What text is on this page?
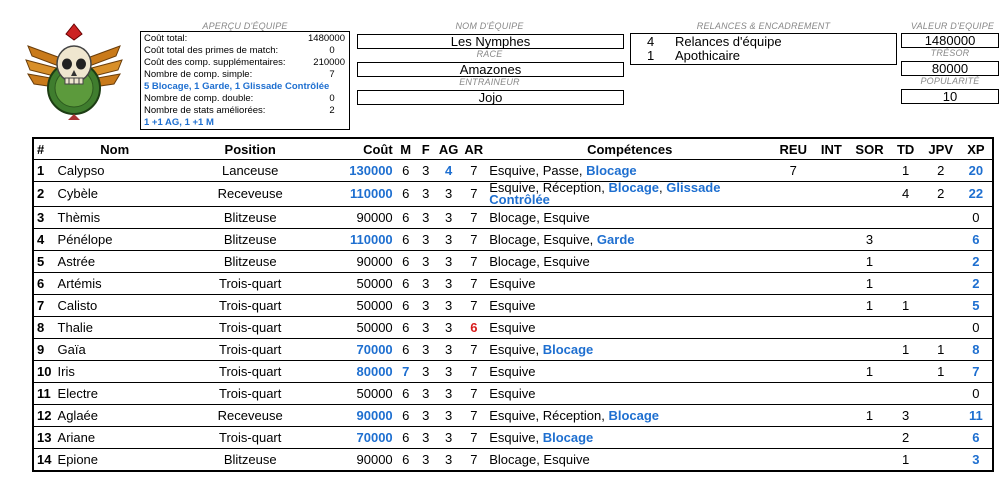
APERÇU D'ÉQUIPE
Coût total:	1480000
Coût total des primes de match:	0
Coût des comp. supplémentaires:	210000
Nombre de comp. simple:	7
5 Blocage, 1 Garde, 1 Glissade Contrôlée
Nombre de comp. double:	0
Nombre de stats améliorées:	2
1 +1 AG, 1 +1 M
NOM D'ÉQUIPE
Les Nymphes
RACE
Amazones
ENTRAINEUR
Jojo
RELANCES & ENCADREMENT
4	Relances d'équipe
1	Apothicaire
VALEUR D'EQUIPE
1480000
TRÉSOR
80000
POPULARITÉ
10
#	Nom	Position	Coût	M	F	AG	AR	Compétences	REU	INT	SOR	TD	JPV	XP
1	Calypso	Lanceuse	130000	6	3	4	7	Esquive, Passe, Blocage	7			1	2	20
2	Cybèle	Receveuse	110000	6	3	3	7	Esquive, Réception, Blocage, Glissade Contrôlée				4	2	22
3	Thèmis	Blitzeuse	90000	6	3	3	7	Blocage, Esquive						0
4	Pénélope	Blitzeuse	110000	6	3	3	7	Blocage, Esquive, Garde			3			6
5	Astrée	Blitzeuse	90000	6	3	3	7	Blocage, Esquive			1			2
6	Artémis	Trois-quart	50000	6	3	3	7	Esquive			1			2
7	Calisto	Trois-quart	50000	6	3	3	7	Esquive			1	1		5
8	Thalie	Trois-quart	50000	6	3	3	6	Esquive						0
9	Gaïa	Trois-quart	70000	6	3	3	7	Esquive, Blocage				1	1	8
10	Iris	Trois-quart	80000	7	3	3	7	Esquive			1		1	7
11	Electre	Trois-quart	50000	6	3	3	7	Esquive						0
12	Aglaée	Receveuse	90000	6	3	3	7	Esquive, Réception, Blocage			1	3		11
13	Ariane	Trois-quart	70000	6	3	3	7	Esquive, Blocage				2		6
14	Epione	Blitzeuse	90000	6	3	3	7	Blocage, Esquive				1		3
